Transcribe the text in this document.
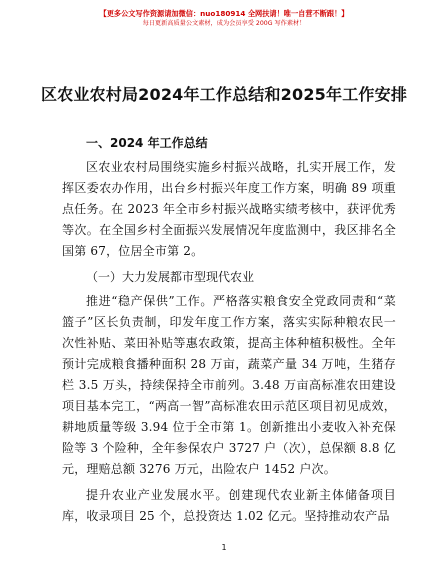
【更多公文写作资源请加微信：nuo180914 全网扶请！唯一自营不断跟！】
每日更新高质量公文素材，成为会员享受 200G 写作素材！
区农业农村局2024年工作总结和2025年工作安排
一、2024 年工作总结
区农业农村局围绕实施乡村振兴战略，扎实开展工作，发挥区委农办作用，出台乡村振兴年度工作方案，明确 89 项重点任务。在 2023 年全市乡村振兴战略实绩考核中，获评优秀等次。在全国乡村全面振兴发展情况年度监测中，我区排名全国第 67，位居全市第 2。
（一）大力发展都市型现代农业
推进“稳产保供”工作。严格落实粮食安全党政同责和“菜篮子”区长负责制，印发年度工作方案，落实实际种粮农民一次性补贴、菜田补贴等惠农政策，提高主体种植积极性。全年预计完成粮食播种面积 28 万亩，蔬菜产量 34 万吨，生猪存栏 3.5 万头，持续保持全市前列。3.48 万亩高标准农田建设项目基本完工，“两高一智”高标准农田示范区项目初见成效，耕地质量等级 3.94 位于全市第 1。创新推出小麦收入补充保险等 3 个险种，全年参保农户 3727 户（次），总保额 8.8 亿元，理赔总额 3276 万元，出险农户 1452 户次。
提升农业产业发展水平。创建现代农业新主体储备项目库，收录项目 25 个，总投资达 1.02 亿元。坚持推动农产品
1
